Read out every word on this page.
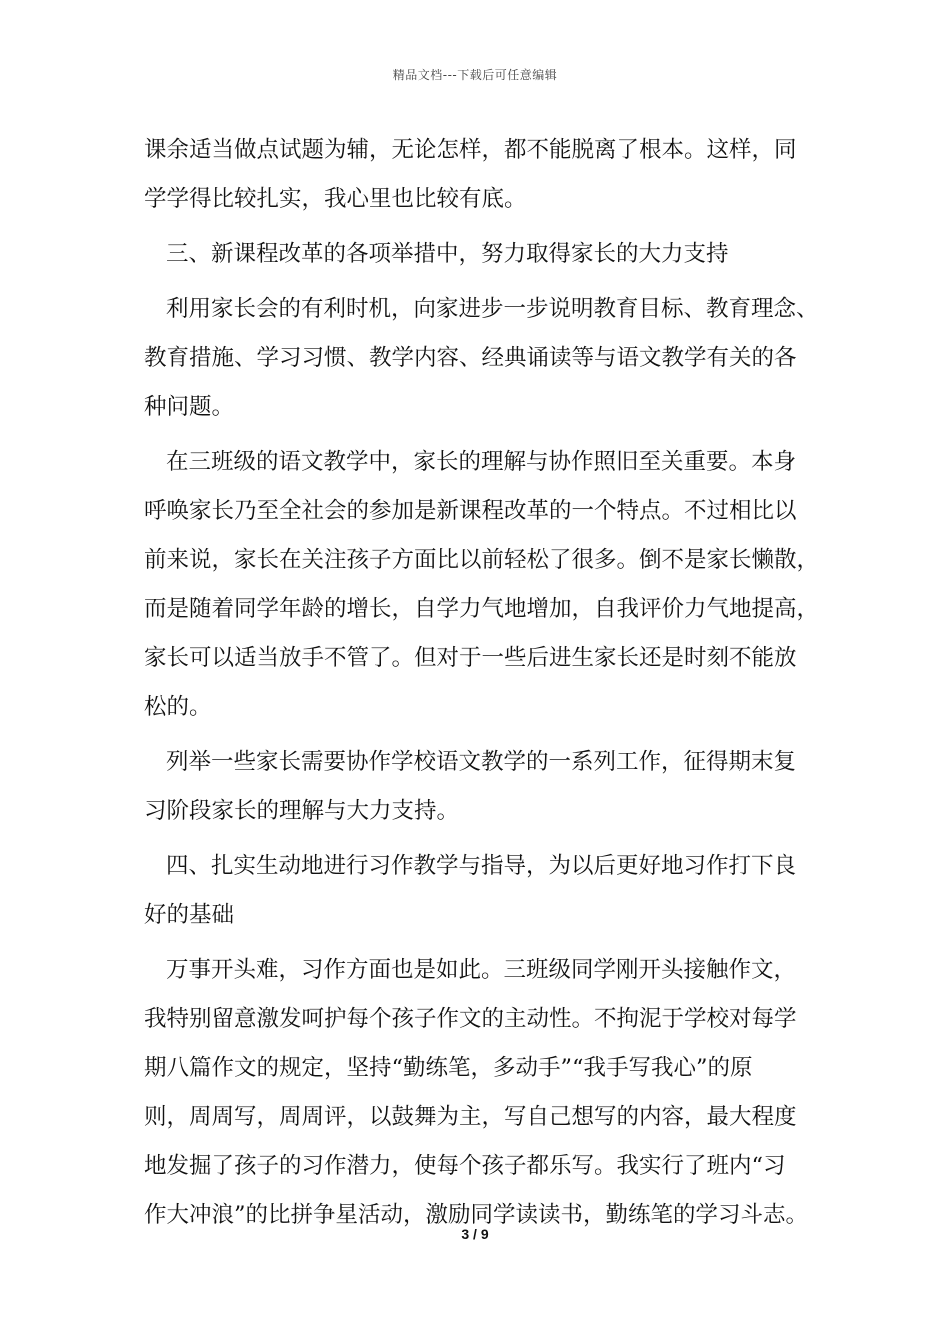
精品文档---下载后可任意编辑
课余适当做点试题为辅，无论怎样，都不能脱离了根本。这样，同
学学得比较扎实，我心里也比较有底。
三、新课程改革的各项举措中，努力取得家长的大力支持
利用家长会的有利时机，向家进步一步说明教育目标、教育理念、
教育措施、学习习惯、教学内容、经典诵读等与语文教学有关的各
种问题。
在三班级的语文教学中，家长的理解与协作照旧至关重要。本身
呼唤家长乃至全社会的参加是新课程改革的一个特点。不过相比以
前来说，家长在关注孩子方面比以前轻松了很多。倒不是家长懒散，
而是随着同学年龄的增长，自学力气地增加，自我评价力气地提高，
家长可以适当放手不管了。但对于一些后进生家长还是时刻不能放
松的。
列举一些家长需要协作学校语文教学的一系列工作，征得期末复
习阶段家长的理解与大力支持。
四、扎实生动地进行习作教学与指导，为以后更好地习作打下良
好的基础
万事开头难，习作方面也是如此。三班级同学刚开头接触作文，
我特别留意激发呵护每个孩子作文的主动性。不拘泥于学校对每学
期八篇作文的规定，坚持“勤练笔，多动手”“我手写我心”的原
则，周周写，周周评，以鼓舞为主，写自己想写的内容，最大程度
地发掘了孩子的习作潜力，使每个孩子都乐写。我实行了班内“习
作大冲浪”的比拼争星活动，激励同学读读书，勤练笔的学习斗志。
3 / 9
